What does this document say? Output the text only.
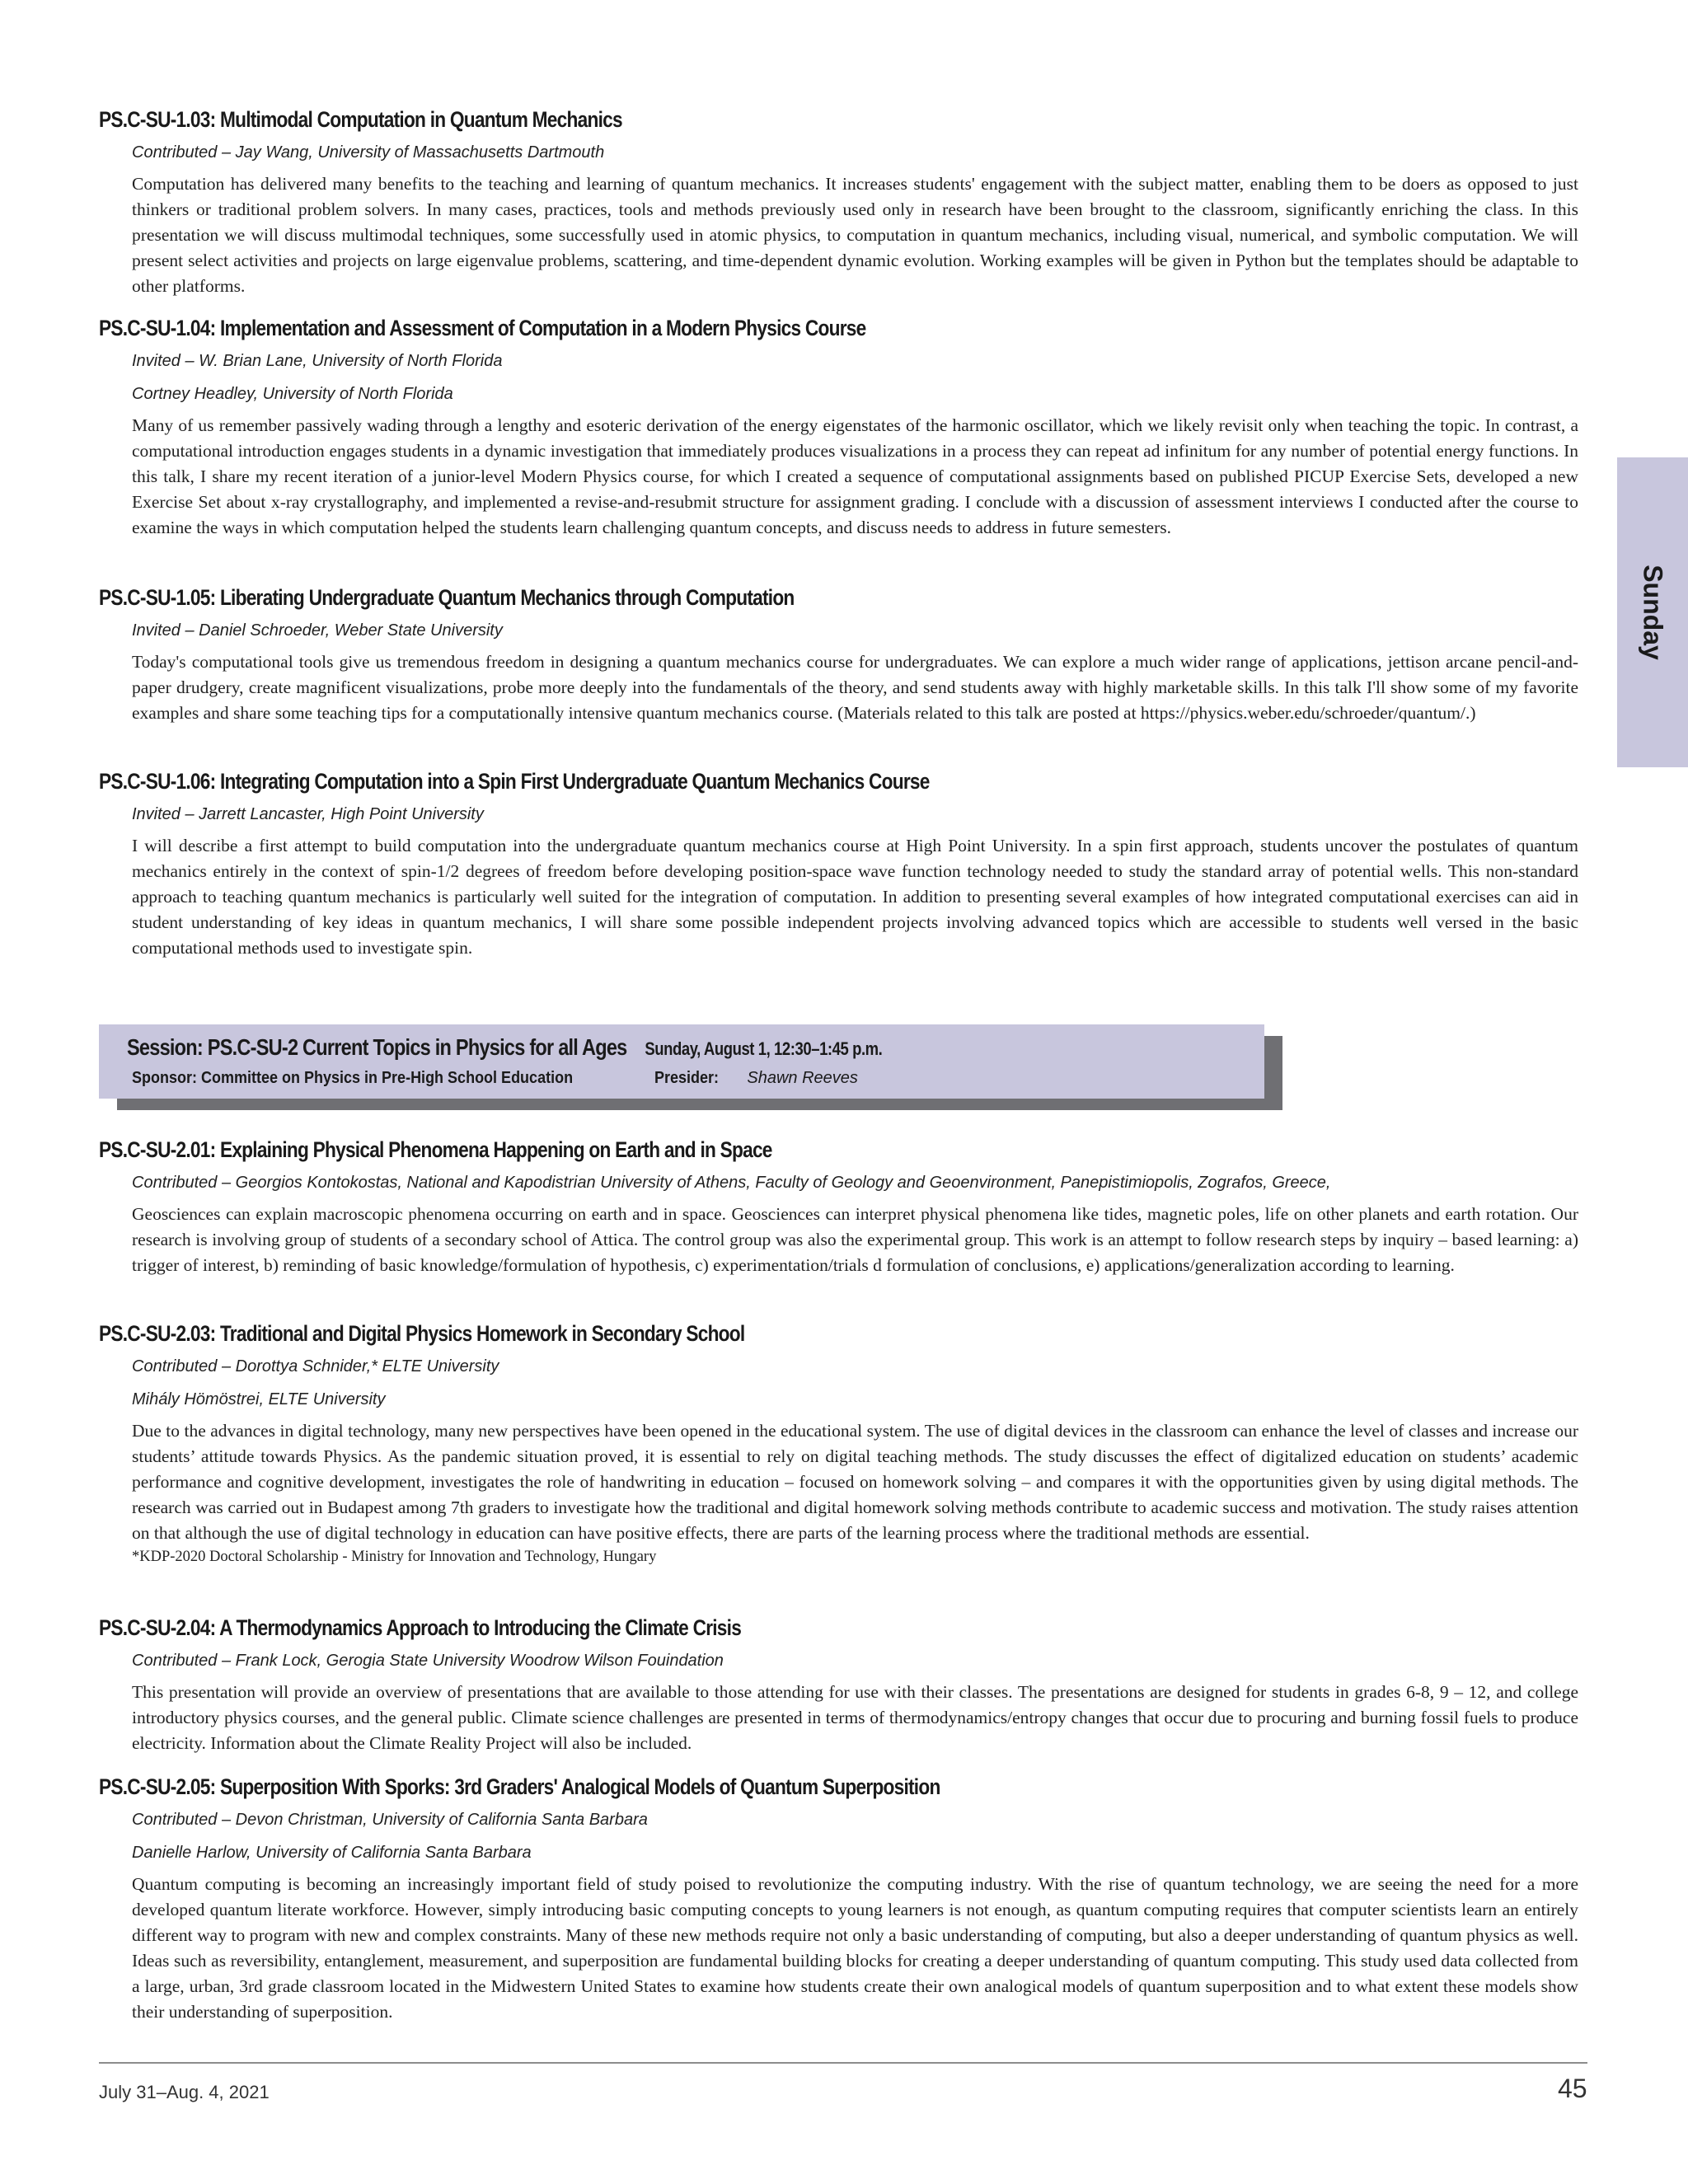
PS.C-SU-1.03: Multimodal Computation in Quantum Mechanics

Contributed – Jay Wang, University of Massachusetts Dartmouth

Computation has delivered many benefits to the teaching and learning of quantum mechanics. It increases students' engagement with the subject matter, enabling them to be doers as opposed to just thinkers or traditional problem solvers. In many cases, practices, tools and methods previously used only in research have been brought to the classroom, significantly enriching the class. In this presentation we will discuss multimodal techniques, some successfully used in atomic physics, to computation in quantum mechanics, including visual, numerical, and symbolic computation. We will present select activities and projects on large eigenvalue problems, scattering, and time-dependent dynamic evolution. Working examples will be given in Python but the templates should be adaptable to other platforms.

PS.C-SU-1.04: Implementation and Assessment of Computation in a Modern Physics Course

Invited – W. Brian Lane, University of North Florida
Cortney Headley, University of North Florida

Many of us remember passively wading through a lengthy and esoteric derivation of the energy eigenstates of the harmonic oscillator, which we likely revisit only when teaching the topic. In contrast, a computational introduction engages students in a dynamic investigation that immediately produces visualizations in a process they can repeat ad infinitum for any number of potential energy functions. In this talk, I share my recent iteration of a junior-level Modern Physics course, for which I created a sequence of computational assignments based on published PICUP Exercise Sets, developed a new Exercise Set about x-ray crystallography, and implemented a revise-and-resubmit structure for assignment grading. I conclude with a discussion of assessment interviews I conducted after the course to examine the ways in which computation helped the students learn challenging quantum concepts, and discuss needs to address in future semesters.

PS.C-SU-1.05: Liberating Undergraduate Quantum Mechanics through Computation

Invited – Daniel Schroeder, Weber State University

Today's computational tools give us tremendous freedom in designing a quantum mechanics course for undergraduates. We can explore a much wider range of applications, jettison arcane pencil-and-paper drudgery, create magnificent visualizations, probe more deeply into the fundamentals of the theory, and send students away with highly marketable skills. In this talk I'll show some of my favorite examples and share some teaching tips for a computationally intensive quantum mechanics course. (Materials related to this talk are posted at https://physics.weber.edu/schroeder/quantum/.)

PS.C-SU-1.06: Integrating Computation into a Spin First Undergraduate Quantum Mechanics Course

Invited – Jarrett Lancaster, High Point University

I will describe a first attempt to build computation into the undergraduate quantum mechanics course at High Point University. In a spin first approach, students uncover the postulates of quantum mechanics entirely in the context of spin-1/2 degrees of freedom before developing position-space wave function technology needed to study the standard array of potential wells. This non-standard approach to teaching quantum mechanics is particularly well suited for the integration of computation. In addition to presenting several examples of how integrated computational exercises can aid in student understanding of key ideas in quantum mechanics, I will share some possible independent projects involving advanced topics which are accessible to students well versed in the basic computational methods used to investigate spin.

Session: PS.C-SU-2 Current Topics in Physics for all Ages Sunday, August 1, 12:30–1:45 p.m.
Sponsor: Committee on Physics in Pre-High School Education	Presider: Shawn Reeves

PS.C-SU-2.01: Explaining Physical Phenomena Happening on Earth and in Space

Contributed – Georgios Kontokostas, National and Kapodistrian University of Athens, Faculty of Geology and Geoenvironment, Panepistimiopolis, Zografos, Greece,

Geosciences can explain macroscopic phenomena occurring on earth and in space. Geosciences can interpret physical phenomena like tides, magnetic poles, life on other planets and earth rotation. Our research is involving group of students of a secondary school of Attica. The control group was also the experimental group. This work is an attempt to follow research steps by inquiry – based learning: a) trigger of interest, b) reminding of basic knowledge/formulation of hypothesis, c) experimentation/trials d formulation of conclusions, e) applications/generalization according to learning.

PS.C-SU-2.03: Traditional and Digital Physics Homework in Secondary School

Contributed – Dorottya Schnider,* ELTE University
Mihály Hömöstrei, ELTE University

Due to the advances in digital technology, many new perspectives have been opened in the educational system. The use of digital devices in the classroom can enhance the level of classes and increase our students’ attitude towards Physics. As the pandemic situation proved, it is essential to rely on digital teaching methods. The study discusses the effect of digitalized education on students’ academic performance and cognitive development, investigates the role of handwriting in education – focused on homework solving – and compares it with the opportunities given by using digital methods. The research was carried out in Budapest among 7th graders to investigate how the traditional and digital homework solving methods contribute to academic success and motivation. The study raises attention on that although the use of digital technology in education can have positive effects, there are parts of the learning process where the traditional methods are essential.

*KDP-2020 Doctoral Scholarship - Ministry for Innovation and Technology, Hungary

PS.C-SU-2.04: A Thermodynamics Approach to Introducing the Climate Crisis

Contributed – Frank Lock, Gerogia State University Woodrow Wilson Fouindation

This presentation will provide an overview of presentations that are available to those attending for use with their classes. The presentations are designed for students in grades 6-8, 9 – 12, and college introductory physics courses, and the general public. Climate science challenges are presented in terms of thermodynamics/entropy changes that occur due to procuring and burning fossil fuels to produce electricity. Information about the Climate Reality Project will also be included.

PS.C-SU-2.05: Superposition With Sporks: 3rd Graders' Analogical Models of Quantum Superposition

Contributed – Devon Christman, University of California Santa Barbara
Danielle Harlow, University of California Santa Barbara

Quantum computing is becoming an increasingly important field of study poised to revolutionize the computing industry. With the rise of quantum technology, we are seeing the need for a more developed quantum literate workforce. However, simply introducing basic computing concepts to young learners is not enough, as quantum computing requires that computer scientists learn an entirely different way to program with new and complex constraints. Many of these new methods require not only a basic understanding of computing, but also a deeper understanding of quantum physics as well. Ideas such as reversibility, entanglement, measurement, and superposition are fundamental building blocks for creating a deeper understanding of quantum computing. This study used data collected from a large, urban, 3rd grade classroom located in the Midwestern United States to examine how students create their own analogical models of quantum superposition and to what extent these models show their understanding of superposition.

Sunday
July 31–Aug. 4, 2021	45
